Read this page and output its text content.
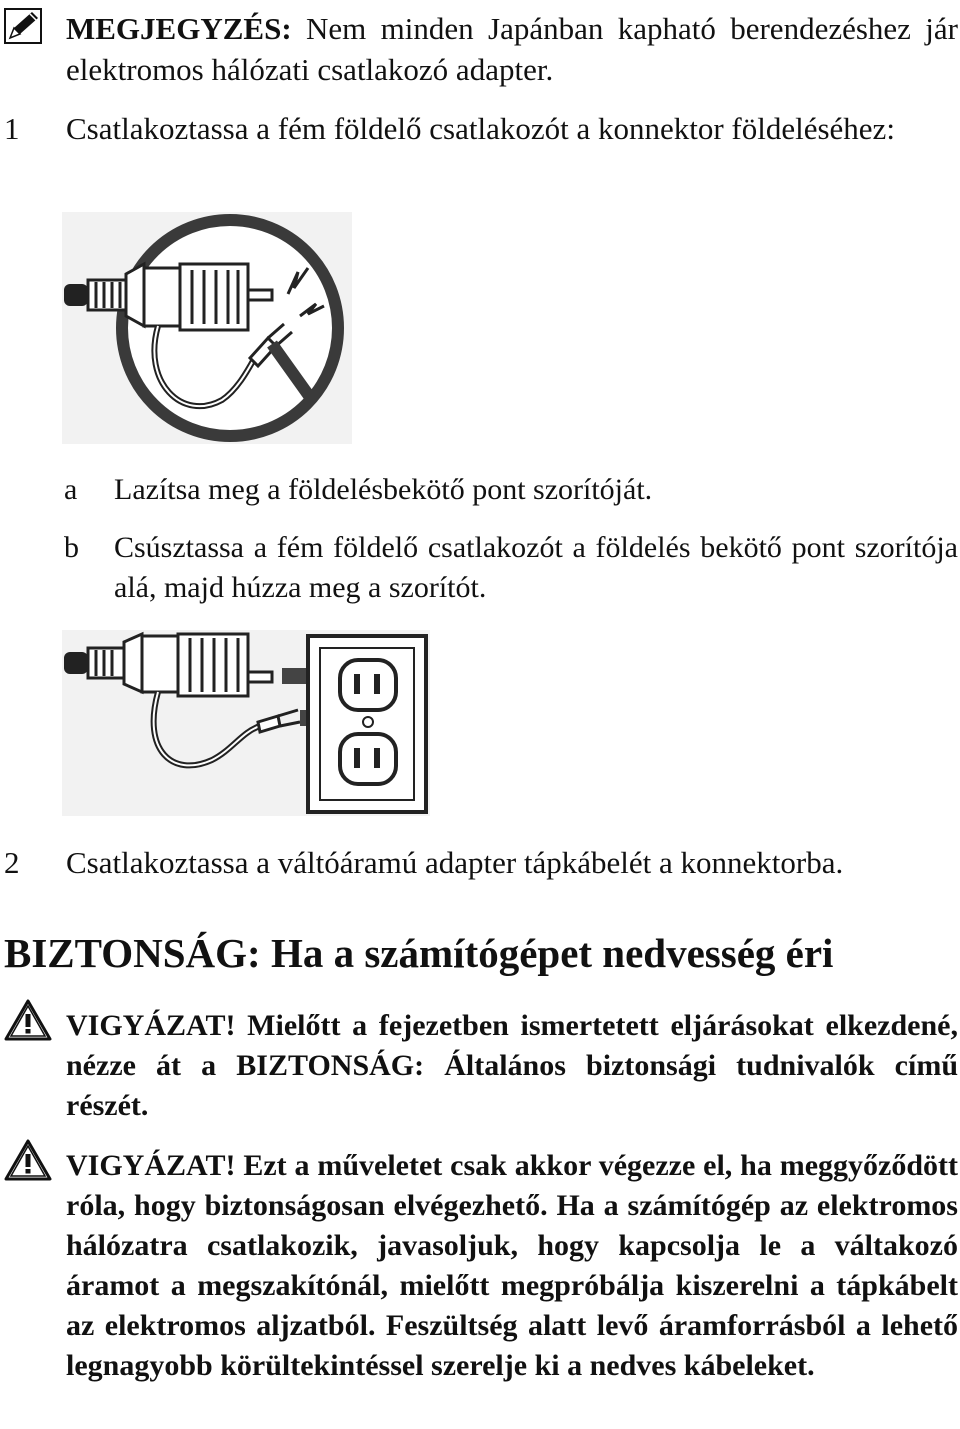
MEGJEGYZÉS: Nem minden Japánban kapható berendezéshez jár elektromos hálózati csatlakozó adapter.
1	Csatlakoztassa a fém földelő csatlakozót a konnektor földeléséhez:
a	Lazítsa meg a földelésbekötő pont szorítóját.
b	Csúsztassa a fém földelő csatlakozót a földelés bekötő pont szorítója alá, majd húzza meg a szorítót.
2	Csatlakoztassa a váltóáramú adapter tápkábelét a konnektorba.
BIZTONSÁG: Ha a számítógépet nedvesség éri
VIGYÁZAT! Mielőtt a fejezetben ismertetett eljárásokat elkezdené, nézze át a BIZTONSÁG: Általános biztonsági tudnivalók című részét.
VIGYÁZAT! Ezt a műveletet csak akkor végezze el, ha meggyőződött róla, hogy biztonságosan elvégezhető. Ha a számítógép az elektromos hálózatra csatlakozik, javasoljuk, hogy kapcsolja le a váltakozó áramot a megszakítónál, mielőtt megpróbálja kiszerelni a tápkábelt az elektromos aljzatból. Feszültség alatt levő áramforrásból a lehető legnagyobb körültekintéssel szerelje ki a nedves kábeleket.
